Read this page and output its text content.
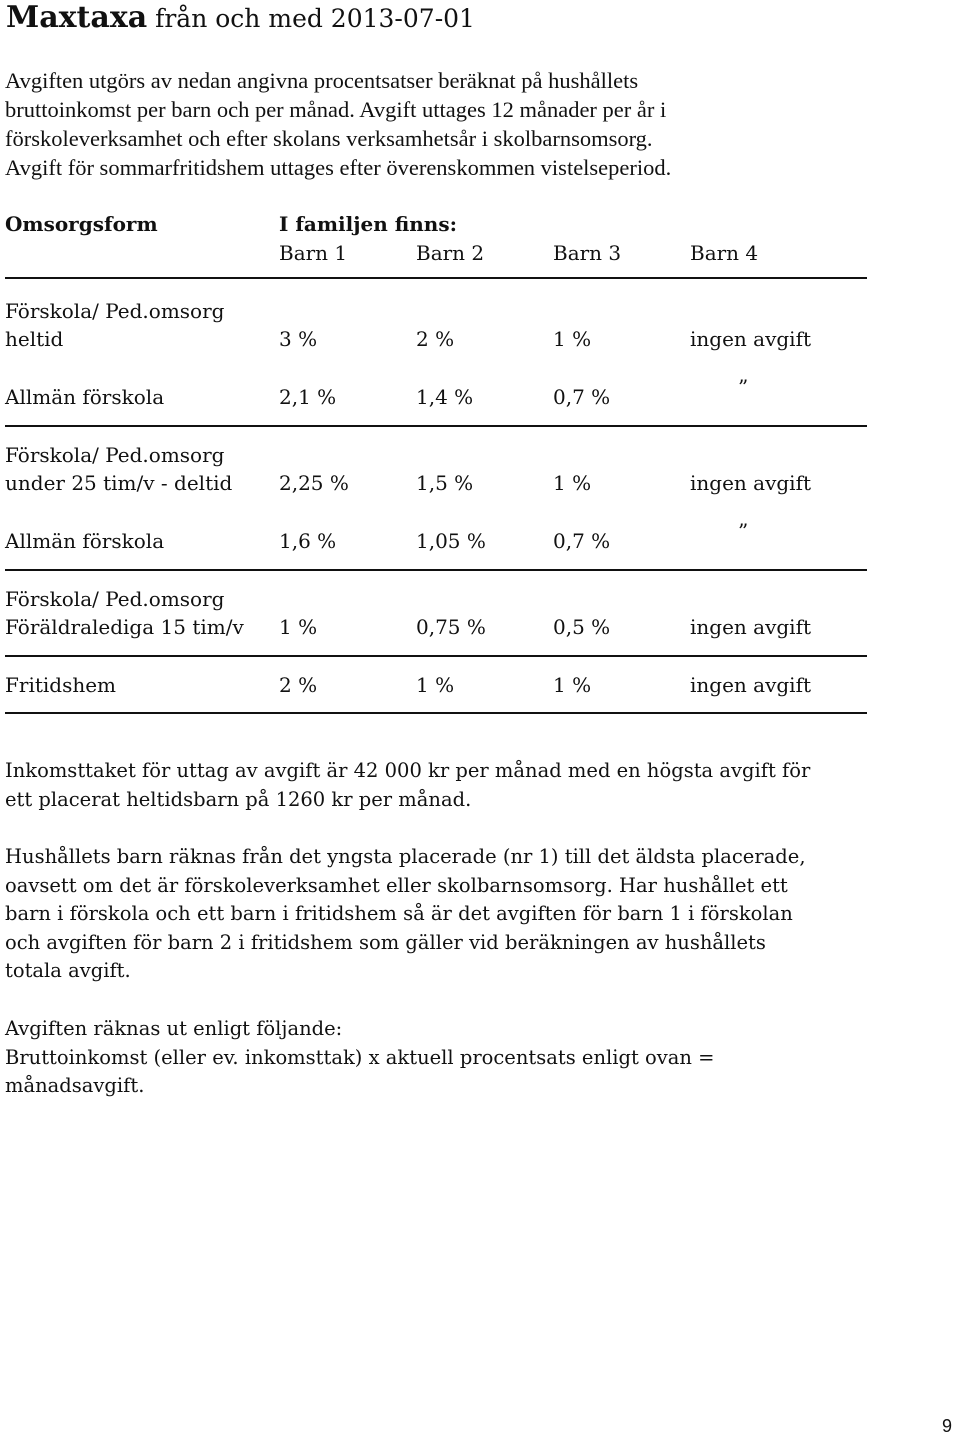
Maxtaxa från och med 2013-07-01
Avgiften utgörs av nedan angivna procentsatser beräknat på hushållets
bruttoinkomst per barn och per månad. Avgift uttages 12 månader per år i
förskoleverksamhet och efter skolans verksamhetsår i skolbarnsomsorg.
Avgift för sommarfritidshem uttages efter överenskommen vistelseperiod.
Omsorgsform	I familjen finns:
Barn 1	Barn 2	Barn 3	Barn 4
Förskola/ Ped.omsorg
heltid	3 %	2 %	1 %	ingen avgift
Allmän förskola	2,1 %	1,4 %	0,7 %	”
Förskola/ Ped.omsorg
under 25 tim/v - deltid 2,25 %	1,5 %	1 %	ingen avgift
Allmän förskola	1,6 %	1,05 %	0,7 %	”
Förskola/ Ped.omsorg
Föräldralediga 15 tim/v 1 %	0,75 %	0,5 %	ingen avgift
Fritidshem	2 %	1 %	1 %	ingen avgift
Inkomsttaket för uttag av avgift är 42 000 kr per månad med en högsta avgift för
ett placerat heltidsbarn på 1260 kr per månad.
Hushållets barn räknas från det yngsta placerade (nr 1) till det äldsta placerade,
oavsett om det är förskoleverksamhet eller skolbarnsomsorg. Har hushållet ett
barn i förskola och ett barn i fritidshem så är det avgiften för barn 1 i förskolan
och avgiften för barn 2 i fritidshem som gäller vid beräkningen av hushållets
totala avgift.
Avgiften räknas ut enligt följande:
Bruttoinkomst (eller ev. inkomsttak) x aktuell procentsats enligt ovan =
månadsavgift.
9
